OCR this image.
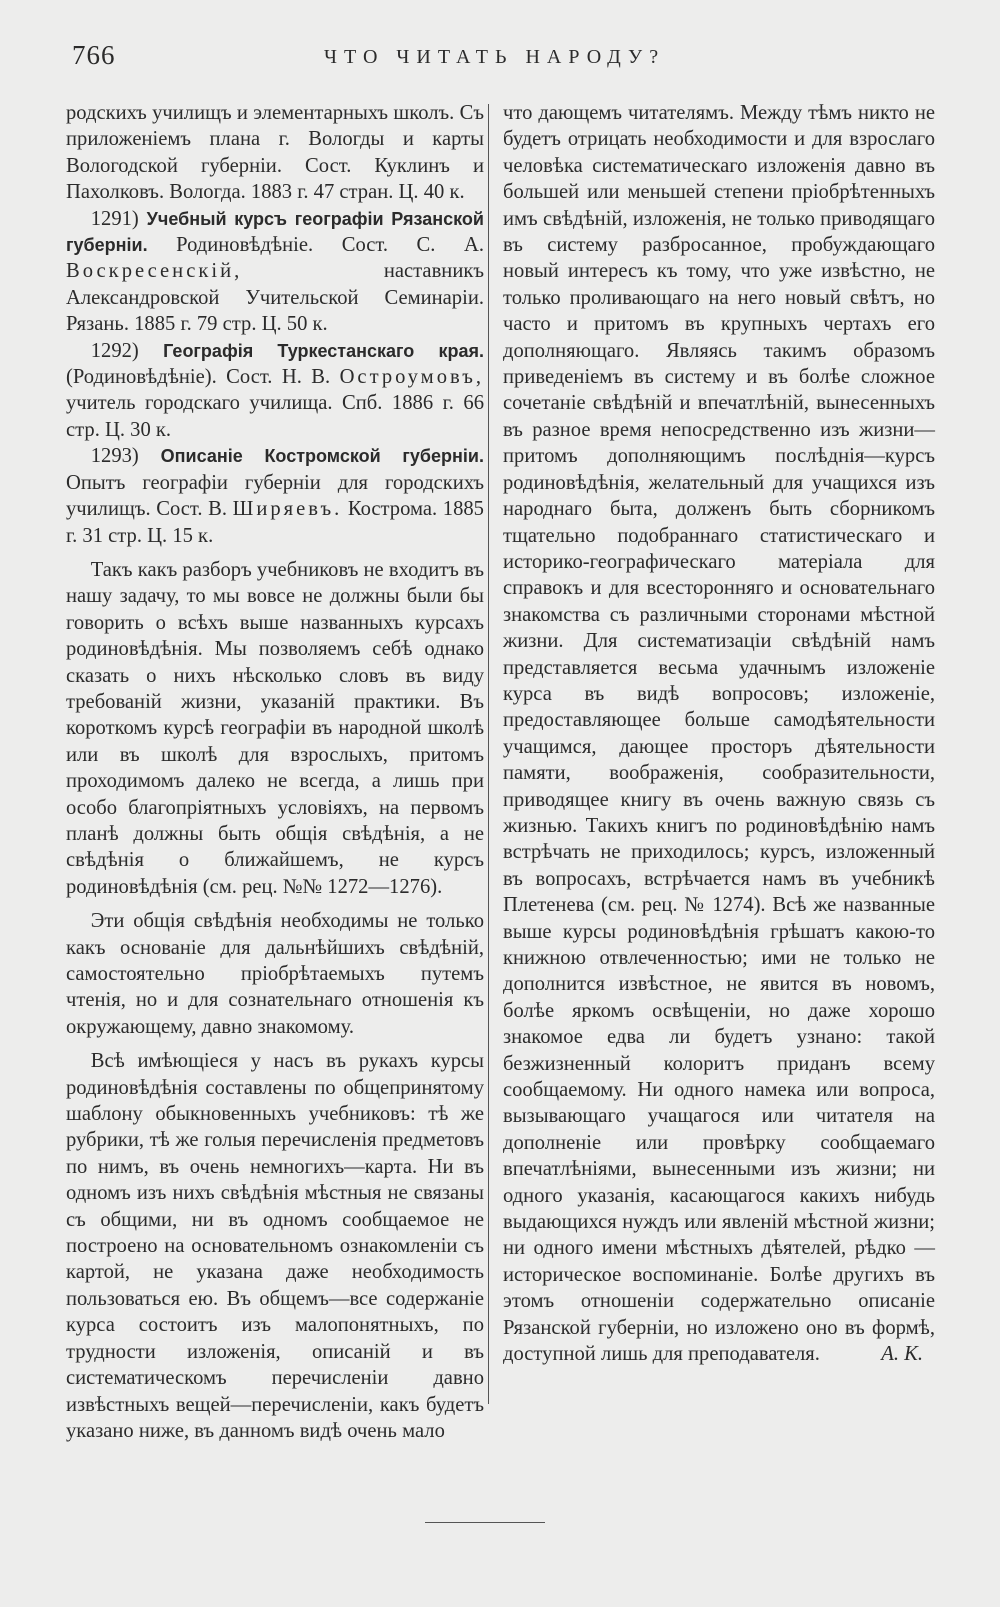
766	ЧТО ЧИТАТЬ НАРОДУ?

родскихъ училищъ и элементарныхъ школъ. Съ приложеніемъ плана г. Вологды и карты Вологодской губерніи. Сост. Куклинъ и Пахолковъ. Вологда. 1883 г. 47 стран. Ц. 40 к.

1291) Учебный курсъ географіи Рязанской губерніи. Родиновѣдѣніе. Сост. С. А. Воскресенскій,	наставникъ Александровской Учительской Семинаріи. Рязань. 1885 г. 79 стр. Ц. 50 к.

1292) Географія Туркестанскаго края. (Родиновѣдѣніе). Сост. Н. В. Остроумовъ, учитель городскаго училища. Спб. 1886 г. 66 стр. Ц. 30 к.

1293) Описаніе Костромской губерніи. Опытъ географіи губерніи для городскихъ училищъ. Сост. В. Ширяевъ. Кострома. 1885 г. 31 стр. Ц. 15 к.

Такъ какъ разборъ учебниковъ не входитъ въ нашу задачу, то мы вовсе не должны были бы говорить о всѣхъ выше названныхъ курсахъ родиновѣдѣнія. Мы позволяемъ себѣ однако сказать о нихъ нѣсколько словъ въ виду требованій жизни, указаній практики. Въ короткомъ курсѣ географіи въ народной школѣ или въ школѣ для взрослыхъ, притомъ проходимомъ далеко не всегда, а лишь при особо благопріятныхъ условіяхъ, на первомъ планѣ должны быть общія свѣдѣнія, а не свѣдѣнія о ближайшемъ, не курсъ родиновѣдѣнія (см. рец. №№ 1272—1276).

Эти общія свѣдѣнія необходимы не только какъ основаніе для дальнѣйшихъ свѣдѣній, самостоятельно пріобрѣтаемыхъ путемъ чтенія, но и для сознательнаго отношенія къ окружающему, давно знакомому.

Всѣ имѣющіеся у насъ въ рукахъ курсы родиновѣдѣнія составлены по общепринятому шаблону обыкновенныхъ учебниковъ: тѣ же рубрики, тѣ же голыя перечисленія предметовъ по нимъ, въ очень немногихъ—карта. Ни въ одномъ изъ нихъ свѣдѣнія мѣстныя не связаны съ общими, ни въ одномъ сообщаемое не построено на основательномъ ознакомленіи съ картой, не указана даже необходимость пользоваться ею. Въ общемъ—все содержаніе курса состоитъ изъ малопонятныхъ, по трудности изложенія, описаній и въ систематическомъ перечисленіи давно извѣстныхъ вещей—перечисленіи, какъ будетъ указано ниже, въ данномъ видѣ очень мало

что дающемъ читателямъ. Между тѣмъ никто не будетъ отрицать необходимости и для взрослаго человѣка систематическаго изложенія давно въ большей или меньшей степени пріобрѣтенныхъ имъ свѣдѣній, изложенія, не только приводящаго въ систему разбросанное, пробуждающаго новый интересъ къ тому, что уже извѣстно, не только проливающаго на него новый свѣтъ, но часто и притомъ въ крупныхъ чертахъ его дополняющаго. Являясь такимъ образомъ приведеніемъ въ систему и въ болѣе сложное сочетаніе свѣдѣній и впечатлѣній, вынесенныхъ въ разное время непосредственно изъ жизни—притомъ дополняющимъ послѣднія—курсъ родиновѣдѣнія, желательный для учащихся изъ народнаго быта, долженъ быть сборникомъ тщательно подобраннаго статистическаго и историко-географическаго матеріала для справокъ и для всесторонняго и основательнаго знакомства съ различными сторонами мѣстной жизни. Для систематизаціи свѣдѣній намъ представляется весьма удачнымъ изложеніе курса въ видѣ вопросовъ; изложеніе, предоставляющее больше самодѣятельности учащимся, дающее просторъ дѣятельности памяти, воображенія, сообразительности, приводящее книгу въ очень важную связь съ жизнью. Такихъ книгъ по родиновѣдѣнію намъ встрѣчать не приходилось; курсъ, изложенный въ вопросахъ, встрѣчается намъ въ учебникѣ Плетенева (см. рец. № 1274). Всѣ же названные выше курсы родиновѣдѣнія грѣшатъ какою-то книжною отвлеченностью; ими не только не дополнится извѣстное, не явится въ новомъ, болѣе яркомъ освѣщеніи, но даже хорошо знакомое едва ли будетъ узнано: такой безжизненный колоритъ приданъ всему сообщаемому. Ни одного намека или вопроса, вызывающаго учащагося или читателя на дополненіе или провѣрку сообщаемаго впечатлѣніями, вынесенными изъ жизни; ни одного указанія, касающагося какихъ нибудь выдающихся нуждъ или явленій мѣстной жизни; ни одного имени мѣстныхъ дѣятелей, рѣдко — историческое воспоминаніе. Болѣе другихъ въ этомъ отношеніи содержательно описаніе Рязанской губерніи, но изложено оно въ формѣ, доступной лишь для преподавателя.	А. К.
